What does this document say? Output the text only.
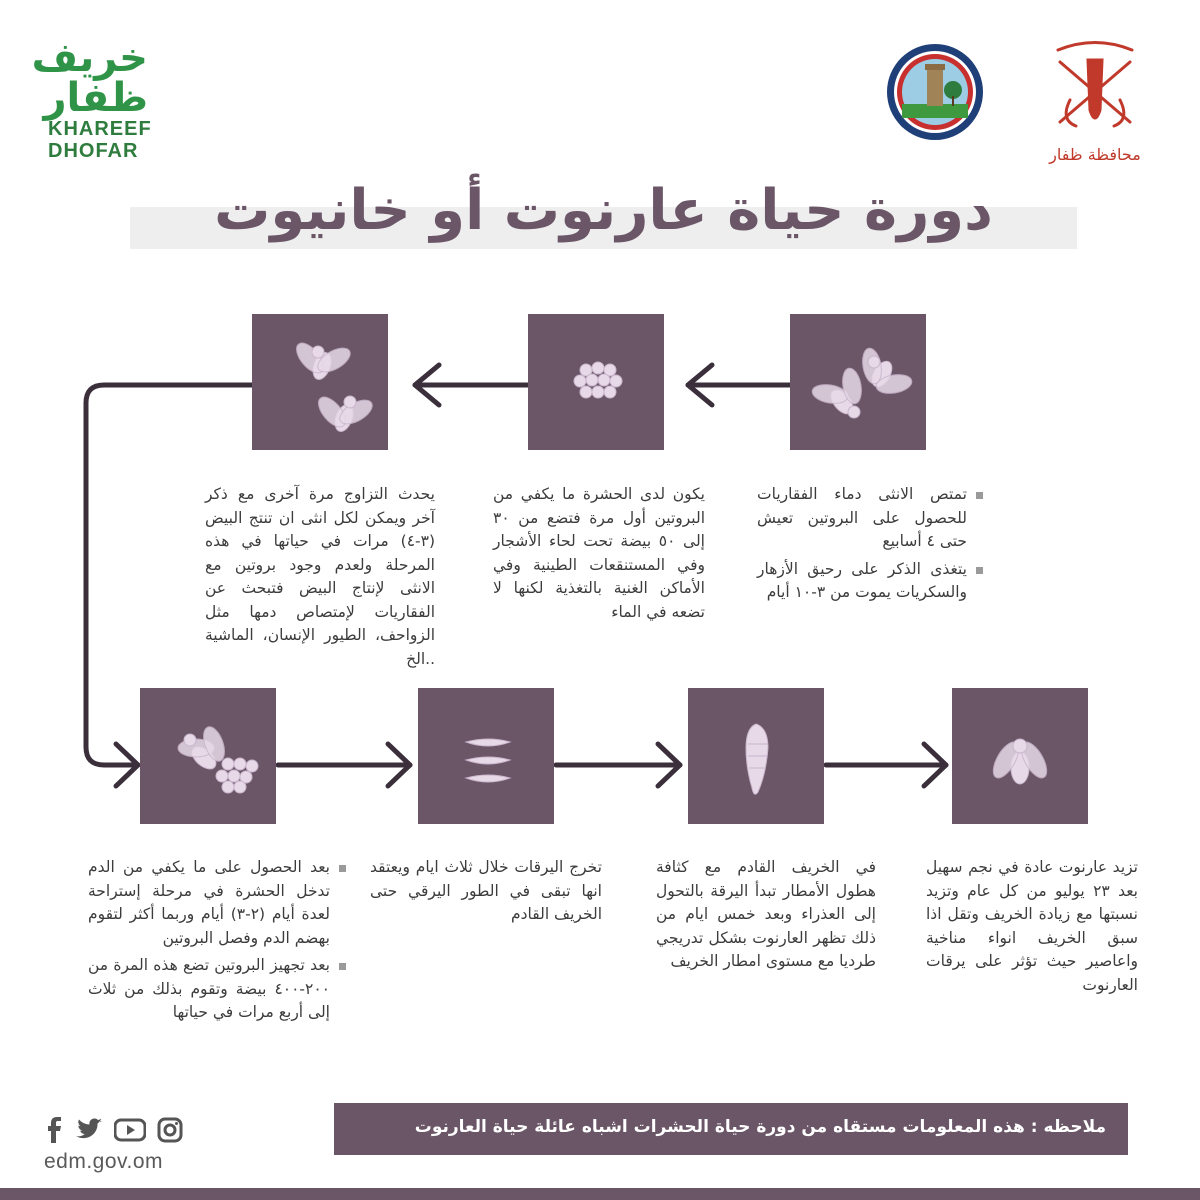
خريف ظفار
KHAREEF
DHOFAR	محافظة ظفار
دورة حياة عارنوت أو خانيوت

تمتص الانثى دماء الفقاريات للحصول على البروتين تعيش حتى ٤ أسابيع

يتغذى الذكر على رحيق الأزهار والسكريات يموت من ٣-١٠ أيام

يكون لدى الحشرة ما يكفي من البروتين أول مرة فتضع من ٣٠ إلى ٥٠ بيضة تحت لحاء الأشجار وفي المستنقعات الطينية وفي الأماكن الغنية بالتغذية لكنها لا تضعه في الماء

يحدث التزاوج مرة آخرى مع ذكر آخر ويمكن لكل انثى ان تنتج البيض (٣-٤) مرات في حياتها في هذه المرحلة ولعدم وجود بروتين مع الانثى لإنتاج البيض فتبحث عن الفقاريات لإمتصاص دمها مثل الزواحف، الطيور الإنسان، الماشية ..الخ

بعد الحصول على ما يكفي من الدم تدخل الحشرة في مرحلة إستراحة لعدة أيام (٢-٣) أيام وربما أكثر لتقوم بهضم الدم وفصل البروتين

بعد تجهيز البروتين تضع هذه المرة من ٢٠٠-٤٠٠ بيضة وتقوم بذلك من ثلاث إلى أربع مرات في حياتها

تخرج اليرقات خلال ثلاث ايام ويعتقد انها تبقى في الطور اليرقي حتى الخريف القادم

في الخريف القادم مع كثافة هطول الأمطار تبدأ اليرقة بالتحول إلى العذراء وبعد خمس ايام من ذلك تظهر العارنوت بشكل تدريجي طرديا مع مستوى امطار الخريف

تزيد عارنوت عادة في نجم سهيل بعد ٢٣ يوليو من كل عام وتزيد نسبتها مع زيادة الخريف وتقل اذا سبق الخريف انواء مناخية واعاصير حيث تؤثر على يرقات العارنوت

ملاحظه : هذه المعلومات مستقاه من دورة حياة الحشرات اشباه عائلة حياة العارنوت

edm.gov.om
